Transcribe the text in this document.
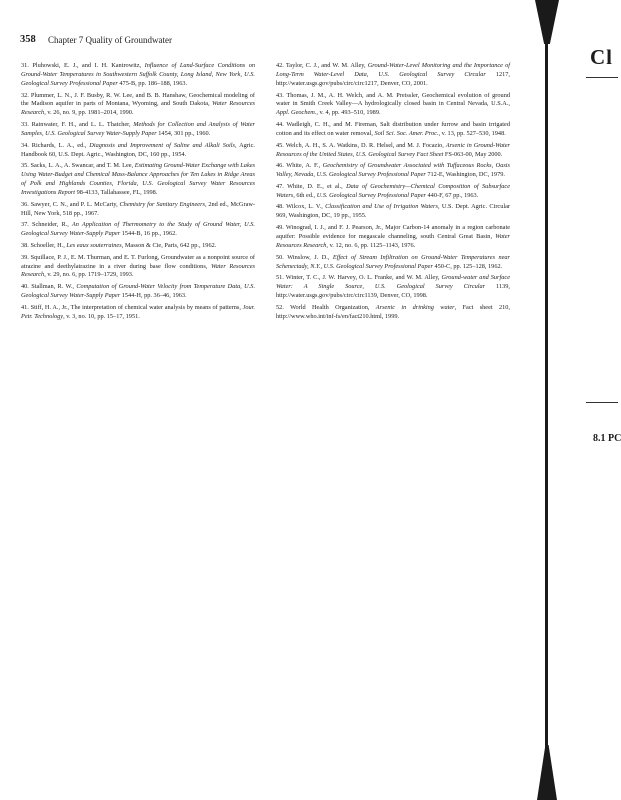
358 Chapter 7 Quality of Groundwater

31. Pluhowski, E. J., and I. H. Kantrowitz, Influence of Land-Surface Conditions on Ground-Water Temperatures in Southwestern Suffolk County, Long Island, New York, U.S. Geological Survey Professional Paper 475-B, pp. 186–188, 1963.

32. Plummer, L. N., J. F. Busby, R. W. Lee, and B. B. Hanshaw, Geochemical modeling of the Madison aquifer in parts of Montana, Wyoming, and South Dakota, Water Resources Research, v. 26, no. 9, pp. 1981–2014, 1990.

33. Rainwater, F. H., and L. L. Thatcher, Methods for Collection and Analysis of Water Samples, U.S. Geological Survey Water-Supply Paper 1454, 301 pp., 1960.

34. Richards, L. A., ed., Diagnosis and Improvement of Saline and Alkali Soils, Agric. Handbook 60, U.S. Dept. Agric., Washington, DC, 160 pp., 1954.

35. Sacks, L. A., A. Swancar, and T. M. Lee, Estimating Ground-Water Exchange with Lakes Using Water-Budget and Chemical Mass-Balance Approaches for Ten Lakes in Ridge Areas of Polk and Highlands Counties, Florida, U.S. Geological Survey Water Resources Investigations Report 98-4133, Tallahassee, FL, 1998.

36. Sawyer, C. N., and P. L. McCarty, Chemistry for Sanitary Engineers, 2nd ed., McGraw-Hill, New York, 518 pp., 1967.

37. Schneider, R., An Application of Thermometry to the Study of Ground Water, U.S. Geological Survey Water-Supply Paper 1544-B, 16 pp., 1962.

38. Schoeller, H., Les eaux souterraines, Masson & Cie, Paris, 642 pp., 1962.

39. Squillace, P. J., E. M. Thurman, and E. T. Furlong, Groundwater as a nonpoint source of atrazine and deethylatrazine in a river during base flow conditions, Water Resources Research, v. 29, no. 6, pp. 1719–1729, 1993.

40. Stallman, R. W., Computation of Ground-Water Velocity from Temperature Data, U.S. Geological Survey Water-Supply Paper 1544-H, pp. 36–46, 1963.

41. Stiff, H. A., Jr., The interpretation of chemical water analysis by means of patterns, Jour. Petr. Technology, v. 3, no. 10, pp. 15–17, 1951.

42. Taylor, C. J., and W. M. Alley, Ground-Water-Level Monitoring and the Importance of Long-Term Water-Level Data, U.S. Geological Survey Circular 1217, http://water.usgs.gov/pubs/circ/circ1217, Denver, CO, 2001.

43. Thomas, J. M., A. H. Welch, and A. M. Preissler, Geochemical evolution of ground water in Smith Creek Valley—A hydrologically closed basin in Central Nevada, U.S.A., Appl. Geochem., v. 4, pp. 493–510, 1989.

44. Wadleigh, C. H., and M. Fireman, Salt distribution under furrow and basin irrigated cotton and its effect on water removal, Soil Sci. Soc. Amer. Proc., v. 13, pp. 527–530, 1948.

45. Welch, A. H., S. A. Watkins, D. R. Helsel, and M. J. Focazio, Arsenic in Ground-Water Resources of the United States, U.S. Geological Survey Fact Sheet FS-063-00, May 2000.

46. White, A. F., Geochemistry of Groundwater Associated with Tuffaceous Rocks, Oasis Valley, Nevada, U.S. Geological Survey Professional Paper 712-E, Washington, DC, 1979.

47. White, D. E., et al., Data of Geochemistry—Chemical Composition of Subsurface Waters, 6th ed., U.S. Geological Survey Professional Paper 440-F, 67 pp., 1963.

48. Wilcox, L. V., Classification and Use of Irrigation Waters, U.S. Dept. Agric. Circular 969, Washington, DC, 19 pp., 1955.

49. Winograd, I. J., and F. J. Pearson, Jr., Major Carbon-14 anomaly in a region carbonate aquifer: Possible evidence for megascale channeling, south Central Great Basin, Water Resources Research, v. 12, no. 6, pp. 1125–1143, 1976.

50. Winslow, J. D., Effect of Stream Infiltration on Ground-Water Temperatures near Schenectady, N.Y., U.S. Geological Survey Professional Paper 450-C, pp. 125–128, 1962.

51. Winter, T. C., J. W. Harvey, O. L. Franke, and W. M. Alley, Ground-water and Surface Water: A Single Source, U.S. Geological Survey Circular 1139, http://water.usgs.gov/pubs/circ/circ1139, Denver, CO, 1998.

52. World Health Organization, Arsenic in drinking water, Fact sheet 210, http://www.who.int/inf-fs/en/fact210.html, 1999.

Cl
8.1 PC
